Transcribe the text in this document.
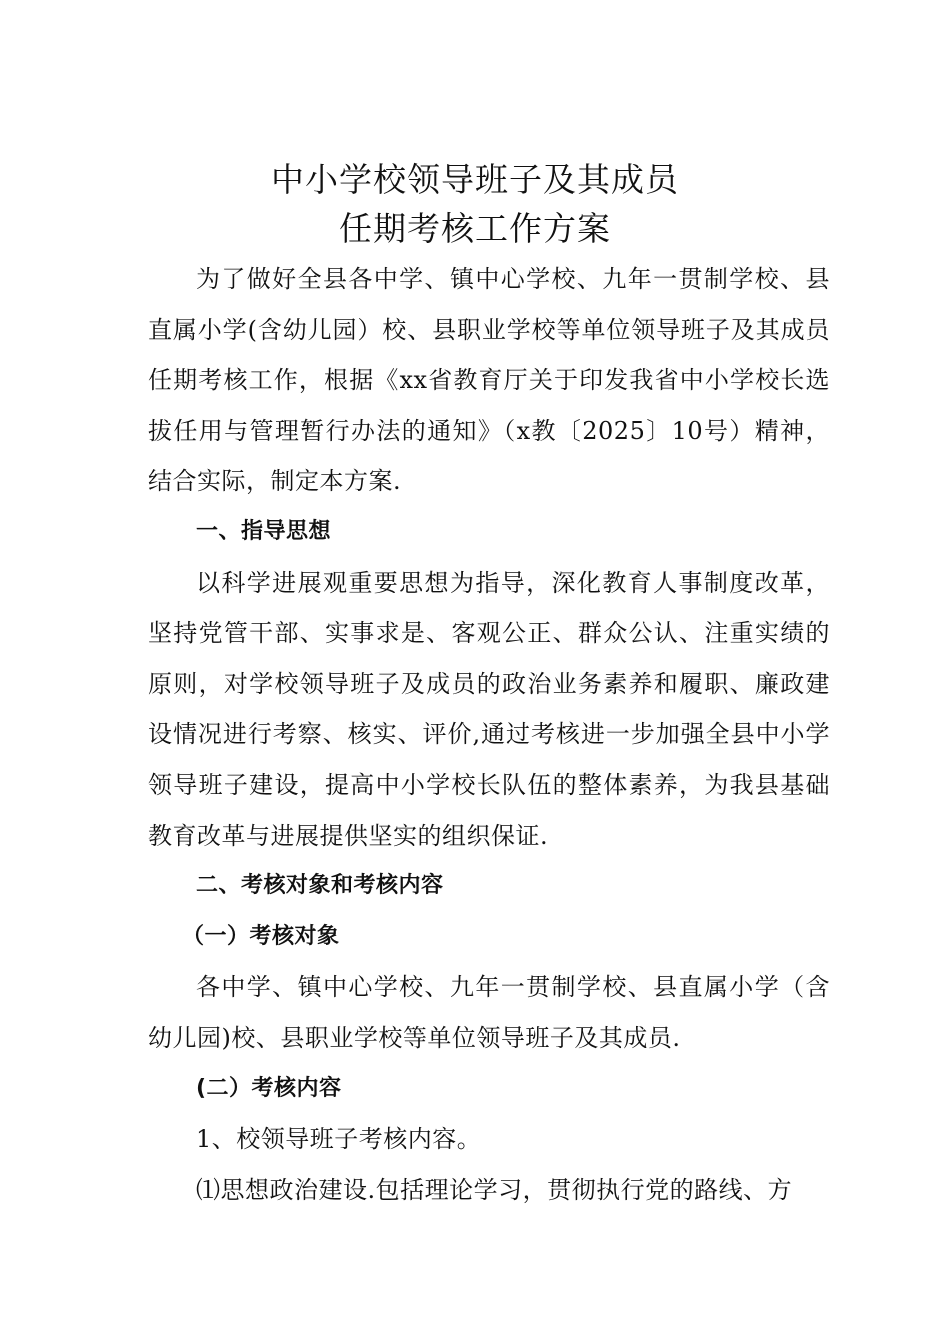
中小学校领导班子及其成员
任期考核工作方案

为了做好全县各中学、镇中心学校、九年一贯制学校、县直属小学(含幼儿园）校、县职业学校等单位领导班子及其成员任期考核工作，根据《xx省教育厅关于印发我省中小学校长选拔任用与管理暂行办法的通知》（x教〔2025〕10号）精神，结合实际，制定本方案.

一、指导思想

以科学进展观重要思想为指导，深化教育人事制度改革，坚持党管干部、实事求是、客观公正、群众公认、注重实绩的原则，对学校领导班子及成员的政治业务素养和履职、廉政建设情况进行考察、核实、评价,通过考核进一步加强全县中小学领导班子建设，提高中小学校长队伍的整体素养，为我县基础教育改革与进展提供坚实的组织保证.

二、考核对象和考核内容

（一）考核对象

各中学、镇中心学校、九年一贯制学校、县直属小学（含幼儿园)校、县职业学校等单位领导班子及其成员.

(二）考核内容

1、校领导班子考核内容。

⑴思想政治建设.包括理论学习，贯彻执行党的路线、方
